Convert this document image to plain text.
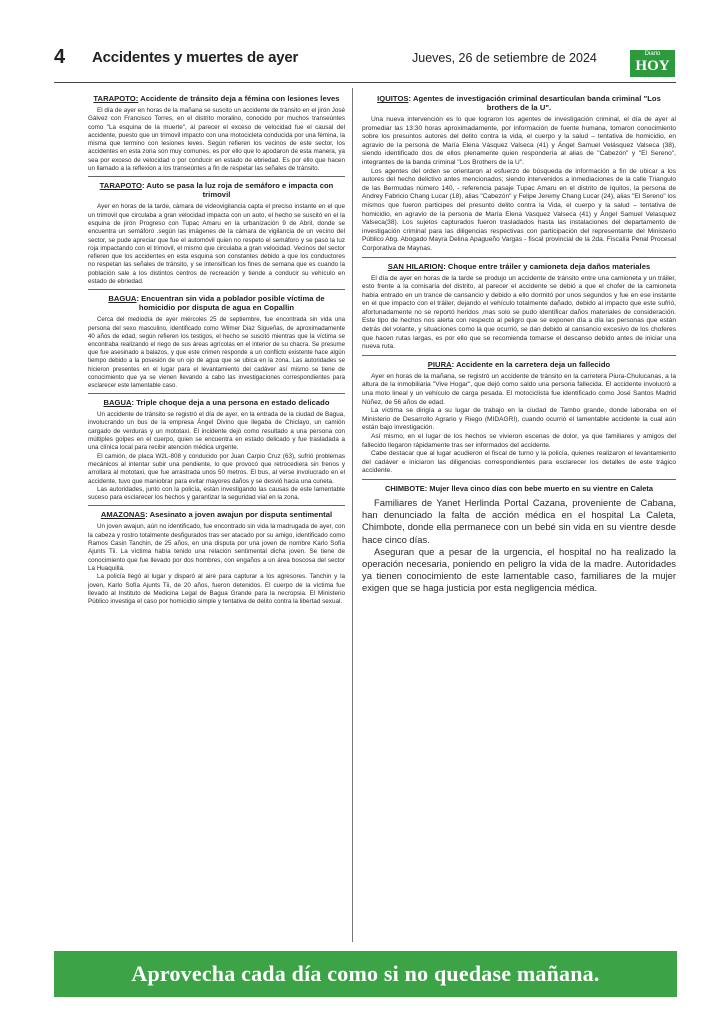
4 Accidentes y muertes de ayer	Jueves, 26 de setiembre de 2024	Diario
HOY
TARAPOTO: Accidente de tránsito deja a fémina con lesiones leves

El día de ayer en horas de la mañana se suscito un accidente de tránsito en el jirón José Gálvez con Francisco Torres, en el distrito moralino, conocido por muchos transeúntes como "La esquina de la muerte", al parecer el exceso de velocidad fue el causal del accidente, puesto que un trimovil impacto con una motocicleta conducida por una fémina, la misma que termino con lesiones leves. Según refieren los vecinos de este sector, los accidentes en esta zona son muy comunes, es por ello que lo apodaron de esta manera, ya sea por exceso de velocidad o por conducir en estado de ebriedad. Es por ello que hacen un llamado a la reflexion a los transeúntes a fin de respetar las señales de tránsito.

TARAPOTO: Auto se pasa la luz roja de semáforo e impacta con trimovil

Ayer en horas de la tarde, cámara de videovigilancia capta el preciso instante en el que un trimovil que circulaba a gran velocidad impacta con un auto, el hecho se suscitó en el la esquina de jirón Progreso con Tupac Amaru en la urbanización 9 de Abril, donde se encuentra un semáforo .según las imágenes de la cámara de vigilancia de un vecino del sector, se pude apreciar que fue el automóvil quien no respeto el semáforo y se pasó la luz roja impactando con el trimovil, el mismo que circulaba a gran velocidad. Vecinos del sector refieren que los accidentes en esta esquina son constantes debido a que los conductores no respetan las señales de tránsito, y se intensifican los fines de semana que es cuando la población sale a los distintos centros de recreación y tiende a conducir su vehículo en estado de ebriedad.

BAGUA: Encuentran sin vida a poblador posible víctima de homicidio por disputa de agua en Copallin

Cerca del mediodía de ayer miércoles 25 de septiembre, fue encontrada sin vida una persona del sexo masculino, identificado como Wilmer Diaz Sigueñas, de aproximadamente 40 años de edad, según refieren los testigos, el hecho se suscitó mientras que la víctima se encontraba realizando el riego de sus áreas agrícolas en el interior de su chacra. Se presume que fue asesinado a balazos, y que este crimen responde a un conflicto existente hace algún tiempo debido a la posesión de un ojo de agua que se ubica en la zona. Las autoridades se hicieron presentes en el lugar para el levantamiento del cadáver así mismo se tiene de conocimiento que ya se vienen llevando a cabo las investigaciones correspondientes para esclarecer este lamentable caso.

BAGUA: Triple choque deja a una persona en estado delicado

Un accidente de tránsito se registró el día de ayer, en la entrada de la ciudad de Bagua, involucrando un bus de la empresa Ángel Divino que llegaba de Chiclayo, un camión cargado de verduras y un mototaxi. El incidente dejó como resultado a una persona con múltiples golpes en el cuerpo, quien se encuentra en estado delicado y fue trasladada a una clínica local para recibir atención médica urgente.

El camión, de placa W2L-808 y conducido por Juan Carpio Cruz (63), sufrió problemas mecánicos al intentar subir una pendiente, lo que provocó que retrocediera sin frenos y arrollara al mototaxi, que fue arrastrada unos 50 metros. El bus, al verse involucrado en el accidente, tuvo que maniobrar para evitar mayores daños y se desvió hacia una cuneta.

Las autoridades, junto con la policía, están investigando las causas de este lamentable suceso para esclarecer los hechos y garantizar la seguridad vial en la zona.

AMAZONAS: Asesinato a joven awajun por disputa sentimental

Un joven awajun, aún no identificado, fue encontrado sin vida la madrugada de ayer, con la cabeza y rostro totalmente desfigurados tras ser atacado por su amigo, identificado como Ramos Casin Tanchin, de 25 años, en una disputa por una joven de nombre Karlo Sofía Ajunts Tii. La víctima había tenido una relación sentimental dicha joven. Se tiene de conocimiento que fue llevado por dos hombres, con engaños a un área boscosa del sector La Huaquilla.

La policía llegó al lugar y disparó al aire para capturar a los agresores. Tanchin y la joven, Karlo Sofía Ajunts Tii, de 20 años, fueron detenidos. El cuerpo de la víctima fue llevado al Instituto de Medicina Legal de Bagua Grande para la necropsia. El Ministerio Público investiga el caso por homicidio simple y tentativa de delito contra la libertad sexual.

IQUITOS: Agentes de investigación criminal desarticulan banda criminal "Los brothers de la U".

Una nueva intervención es lo que lograron los agentes de investigación criminal, el día de ayer al promediar las 13:30 horas aproximadamente, por información de fuente humana, tomaron conocimiento sobre los presuntos autores del delito contra la vida, el cuerpo y la salud – tentativa de homicidio, en agravio de la persona de María Elena Vásquez Valseca (41) y Ángel Samuel Velásquez Valseca (38), siendo identificado dos de ellos plenamente quien respondería al alias de "Cabezón" y "El Sereno", integrantes de la banda criminal "Los Brothers de la U".

Los agentes del orden se orientaron al esfuerzo de búsqueda de información a fin de ubicar a los autores del hecho delictivo antes mencionados; siendo intervenidos a inmediaciones de la calle Triangulo de las Bermudas número 140, - referencia pasaje Tupac Amaru en el distrito de Iquitos, la persona de Andrey Fabricio Chang Lucar (18), alias "Cabezón" y Felipe Jeremy Chang Lucar (24), alias "El Sereno" los mismos que fueron participes del presunto delito contra la Vida, el cuerpo y la salud – tentativa de homicidio, en agravio de la persona de María Elena Vasquez Valseca (41) y Ángel Samuel Velasquez Valseca(38). Los sujetos capturados fueron trasladados hasta las instalaciones del departamento de investigación criminal para las diligencias respectivas con participación del representante del Ministerio Público Abg. Abogado Mayra Delina Apagueño Vargas - fiscal provincial de la 2da. Fiscalía Penal Procesal Corporativa de Maynas.

SAN HILARION: Choque entre tráiler y camioneta deja daños materiales

El día de ayer en horas de la tarde se produjo un accidente de tránsito entre una camioneta y un tráiler, esto frente a la comisaría del distrito, al parecer el accidente se debió a que el chofer de la camioneta había entrado en un trance de cansancio y debido a ello dormitó por unos segundos y fue en ese instante en el que impacto con el tráiler, dejando el vehículo totalmente dañado, debido al impacto que este sufrió, afortunadamente no se reportó heridos ,mas solo se pudo identificar daños materiales de consideración. Este tipo de hechos nos alerta con respecto al peligro que se exponen día a día las personas que están detrás del volante, y situaciones como la que ocurrió, se dan debido al cansancio excesivo de los choferes que hacen rutas largas, es por ello que se recomienda tomarse el descanso debido antes de iniciar una nueva ruta.

PIURA: Accidente en la carretera deja un fallecido

Ayer en horas de la mañana, se registró un accidente de tránsito en la carretera Piura-Chulucanas, a la altura de la inmobiliaria "Vive Hogar", que dejó como saldo una persona fallecida. El accidente involucró a una moto lineal y un vehículo de carga pesada. El motociclista fue identificado como José Santos Madrid Núñez, de 56 años de edad.

La víctima se dirigía a su lugar de trabajo en la ciudad de Tambo grande, donde laboraba en el Ministerio de Desarrollo Agrario y Riego (MIDAGRI), cuando ocurrió el lamentable accidente la cual aún están bajo investigación.

Así mismo, en el lugar de los hechos se vivieron escenas de dolor, ya que familiares y amigos del fallecido llegaron rápidamente tras ser informados del accidente.

Cabe destacar que al lugar acudieron el fiscal de turno y la policía, quienes realizaron el levantamiento del cadáver e iniciaron las diligencias correspondientes para esclarecer los detalles de este trágico accidente.

CHIMBOTE: Mujer lleva cinco días con bebe muerto en su vientre en Caleta

Familiares de Yanet Herlinda Portal Cazana, proveniente de Cabana, han denunciado la falta de acción médica en el hospital La Caleta, Chimbote, donde ella permanece con un bebé sin vida en su vientre desde hace cinco días.

Aseguran que a pesar de la urgencia, el hospital no ha realizado la operación necesaria, poniendo en peligro la vida de la madre. Autoridades ya tienen conocimiento de este lamentable caso, familiares de la mujer exigen que se haga justicia por esta negligencia médica.

Aprovecha cada día como si no quedase mañana.
